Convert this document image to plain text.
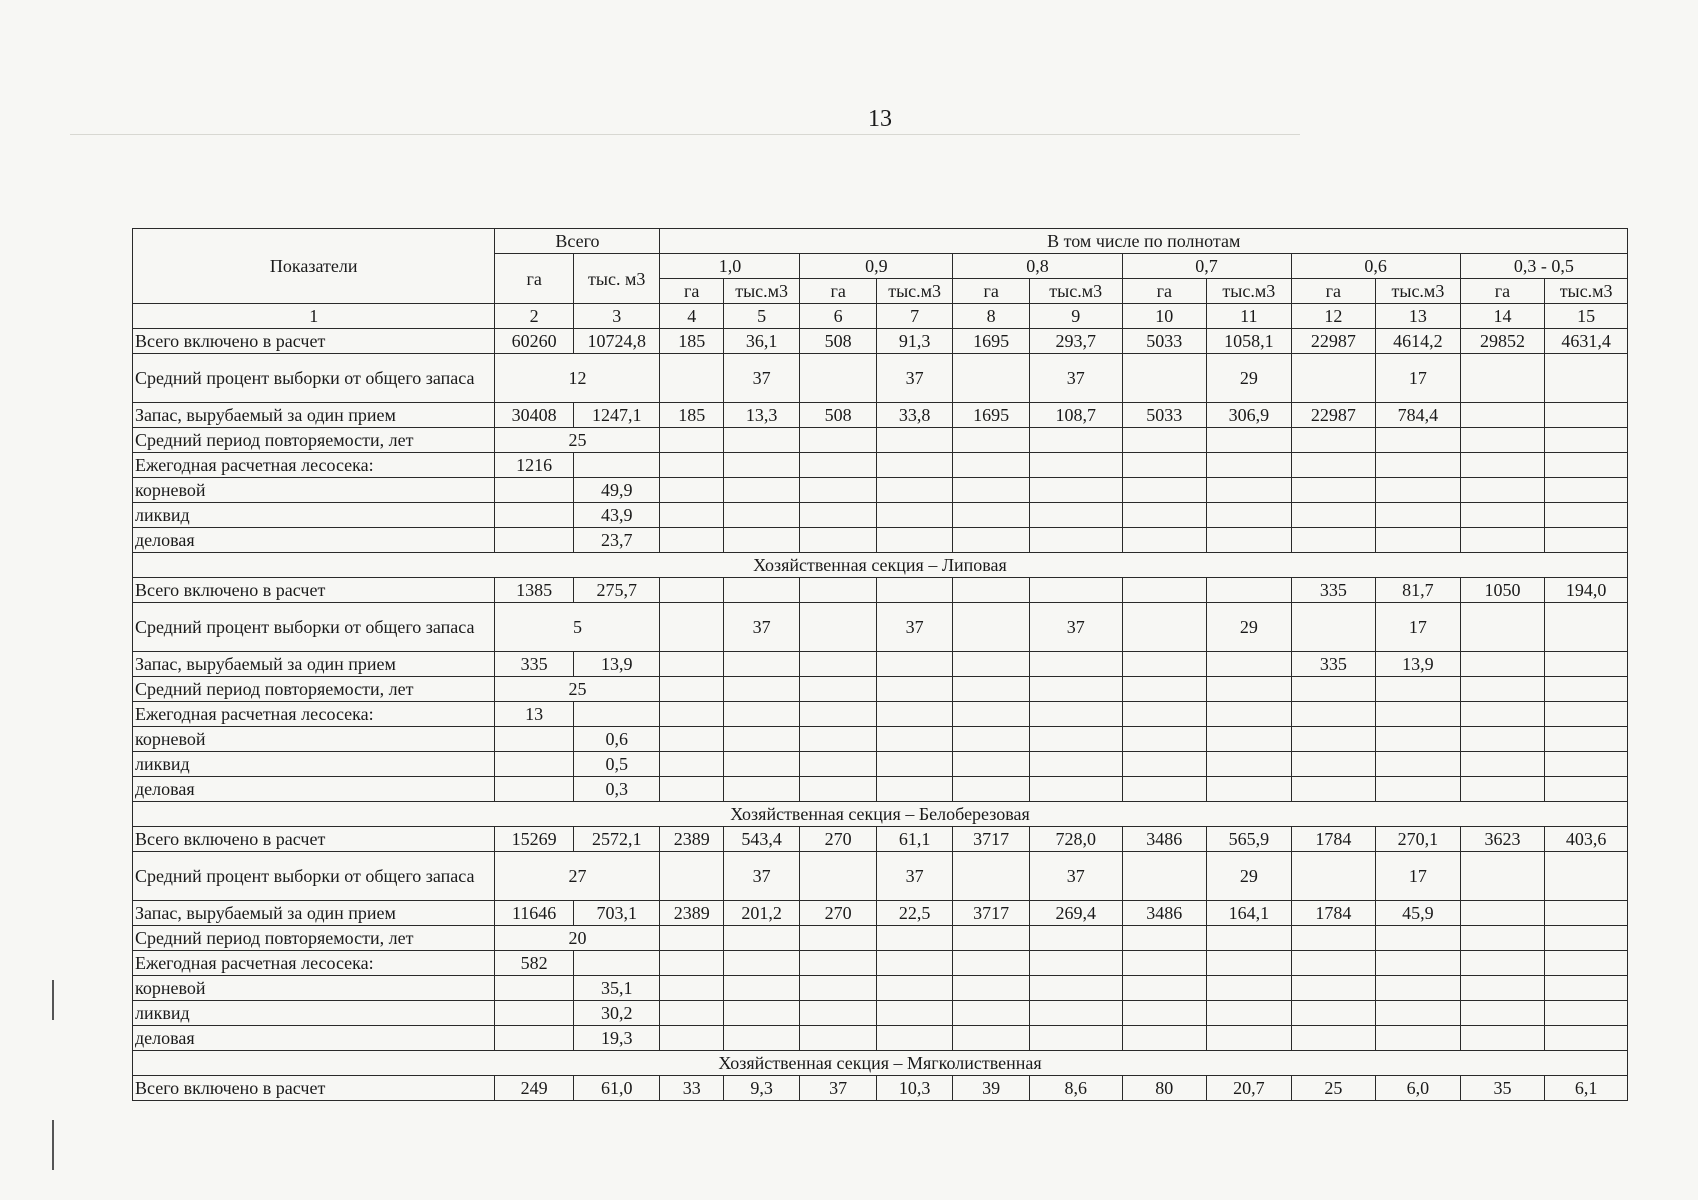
13
Показатели	Всего		В том числе по полнотам											
	га	тыс. м3	1,0		0,9		0,8		0,7		0,6		0,3 - 0,5	
			га	тыс.м3	га	тыс.м3	га	тыс.м3	га	тыс.м3	га	тыс.м3	га	тыс.м3
1	2	3	4	5	6	7	8	9	10	11	12	13	14	15
Всего включено в расчет	60260	10724,8	185	36,1	508	91,3	1695	293,7	5033	1058,1	22987	4614,2	29852	4631,4
Средний процент выборки от общего запаса	12			37		37		37		29		17		
Запас, вырубаемый за один прием	30408	1247,1	185	13,3	508	33,8	1695	108,7	5033	306,9	22987	784,4		
Средний период повторяемости, лет	25													
Ежегодная расчетная лесосека:	1216													
корневой		49,9												
ликвид		43,9												
деловая		23,7												
Хозяйственная секция – Липовая														
Всего включено в расчет	1385	275,7									335	81,7	1050	194,0
Средний процент выборки от общего запаса	5			37		37		37		29		17		
Запас, вырубаемый за один прием	335	13,9									335	13,9		
Средний период повторяемости, лет	25													
Ежегодная расчетная лесосека:	13													
корневой		0,6												
ликвид		0,5												
деловая		0,3												
Хозяйственная секция – Белоберезовая														
Всего включено в расчет	15269	2572,1	2389	543,4	270	61,1	3717	728,0	3486	565,9	1784	270,1	3623	403,6
Средний процент выборки от общего запаса	27			37		37		37		29		17		
Запас, вырубаемый за один прием	11646	703,1	2389	201,2	270	22,5	3717	269,4	3486	164,1	1784	45,9		
Средний период повторяемости, лет	20													
Ежегодная расчетная лесосека:	582													
корневой		35,1												
ликвид		30,2												
деловая		19,3												
Хозяйственная секция – Мягколиственная														
Всего включено в расчет	249	61,0	33	9,3	37	10,3	39	8,6	80	20,7	25	6,0	35	6,1
